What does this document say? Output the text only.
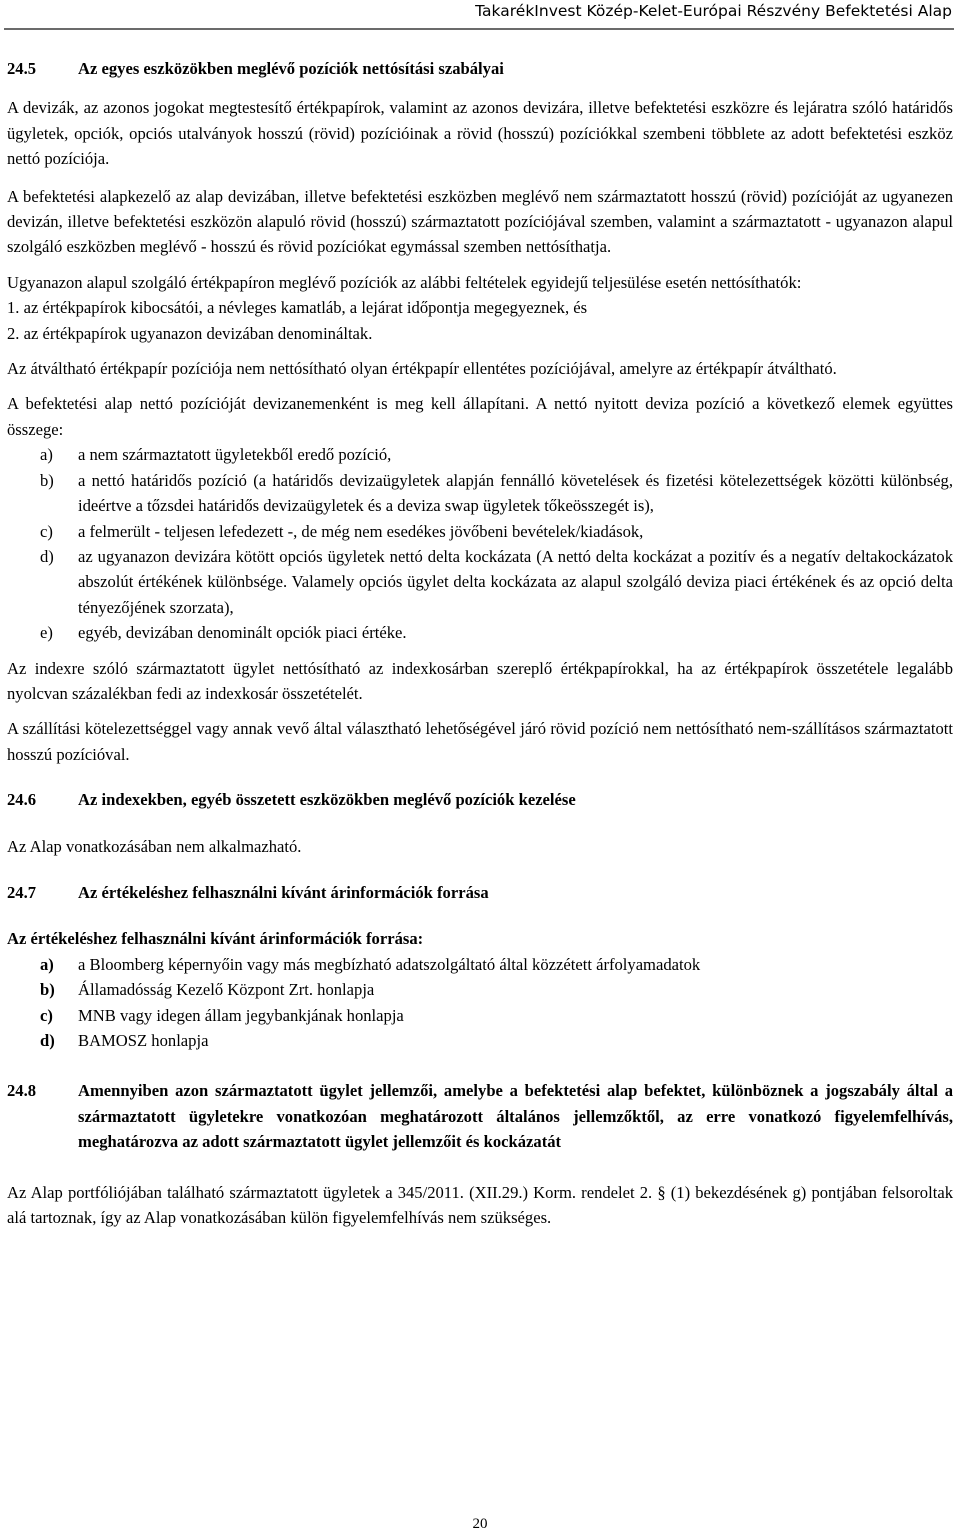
TakarékInvest Közép-Kelet-Európai Részvény Befektetési Alap
24.5	Az egyes eszközökben meglévő pozíciók nettósítási szabályai

A devizák, az azonos jogokat megtestesítő értékpapírok, valamint az azonos devizára, illetve befektetési eszközre és lejáratra szóló határidős ügyletek, opciók, opciós utalványok hosszú (rövid) pozícióinak a rövid (hosszú) pozíciókkal szembeni többlete az adott befektetési eszköz nettó pozíciója.

A befektetési alapkezelő az alap devizában, illetve befektetési eszközben meglévő nem származtatott hosszú (rövid) pozícióját az ugyanezen devizán, illetve befektetési eszközön alapuló rövid (hosszú) származtatott pozíciójával szemben, valamint a származtatott - ugyanazon alapul szolgáló eszközben meglévő - hosszú és rövid pozíciókat egymással szemben nettósíthatja.

Ugyanazon alapul szolgáló értékpapíron meglévő pozíciók az alábbi feltételek egyidejű teljesülése esetén nettósíthatók:

1. az értékpapírok kibocsátói, a névleges kamatláb, a lejárat időpontja megegyeznek, és

2. az értékpapírok ugyanazon devizában denomináltak.

Az átváltható értékpapír pozíciója nem nettósítható olyan értékpapír ellentétes pozíciójával, amelyre az értékpapír átváltható.

A befektetési alap nettó pozícióját devizanemenként is meg kell állapítani. A nettó nyitott deviza pozíció a következő elemek együttes összege:

a)	a nem származtatott ügyletekből eredő pozíció,
b)	a nettó határidős pozíció (a határidős devizaügyletek alapján fennálló követelések és fizetési kötelezettségek közötti különbség, ideértve a tőzsdei határidős devizaügyletek és a deviza swap ügyletek tőkeösszegét is),
c)	a felmerült - teljesen lefedezett -, de még nem esedékes jövőbeni bevételek/kiadások,
d)	az ugyanazon devizára kötött opciós ügyletek nettó delta kockázata (A nettó delta kockázat a pozitív és a negatív deltakockázatok abszolút értékének különbsége. Valamely opciós ügylet delta kockázata az alapul szolgáló deviza piaci értékének és az opció delta tényezőjének szorzata),
e)	egyéb, devizában denominált opciók piaci értéke.

Az indexre szóló származtatott ügylet nettósítható az indexkosárban szereplő értékpapírokkal, ha az értékpapírok összetétele legalább nyolcvan százalékban fedi az indexkosár összetételét.

A szállítási kötelezettséggel vagy annak vevő által választható lehetőségével járó rövid pozíció nem nettósítható nem-szállításos származtatott hosszú pozícióval.

24.6	Az indexekben, egyéb összetett eszközökben meglévő pozíciók kezelése

Az Alap vonatkozásában nem alkalmazható.

24.7	Az értékeléshez felhasználni kívánt árinformációk forrása

Az értékeléshez felhasználni kívánt árinformációk forrása:

a)	a Bloomberg képernyőin vagy más megbízható adatszolgáltató által közzétett árfolyamadatok
b)	Államadósság Kezelő Központ Zrt. honlapja
c)	MNB vagy idegen állam jegybankjának honlapja
d)	BAMOSZ honlapja
24.8	Amennyiben azon származtatott ügylet jellemzői, amelybe a befektetési alap befektet, különböznek a jogszabály által a származtatott ügyletekre vonatkozóan meghatározott általános jellemzőktől, az erre vonatkozó figyelemfelhívás, meghatározva az adott származtatott ügylet jellemzőit és kockázatát

Az Alap portfóliójában található származtatott ügyletek a 345/2011. (XII.29.) Korm. rendelet 2. § (1) bekezdésének g) pontjában felsoroltak alá tartoznak, így az Alap vonatkozásában külön figyelemfelhívás nem szükséges.

20
